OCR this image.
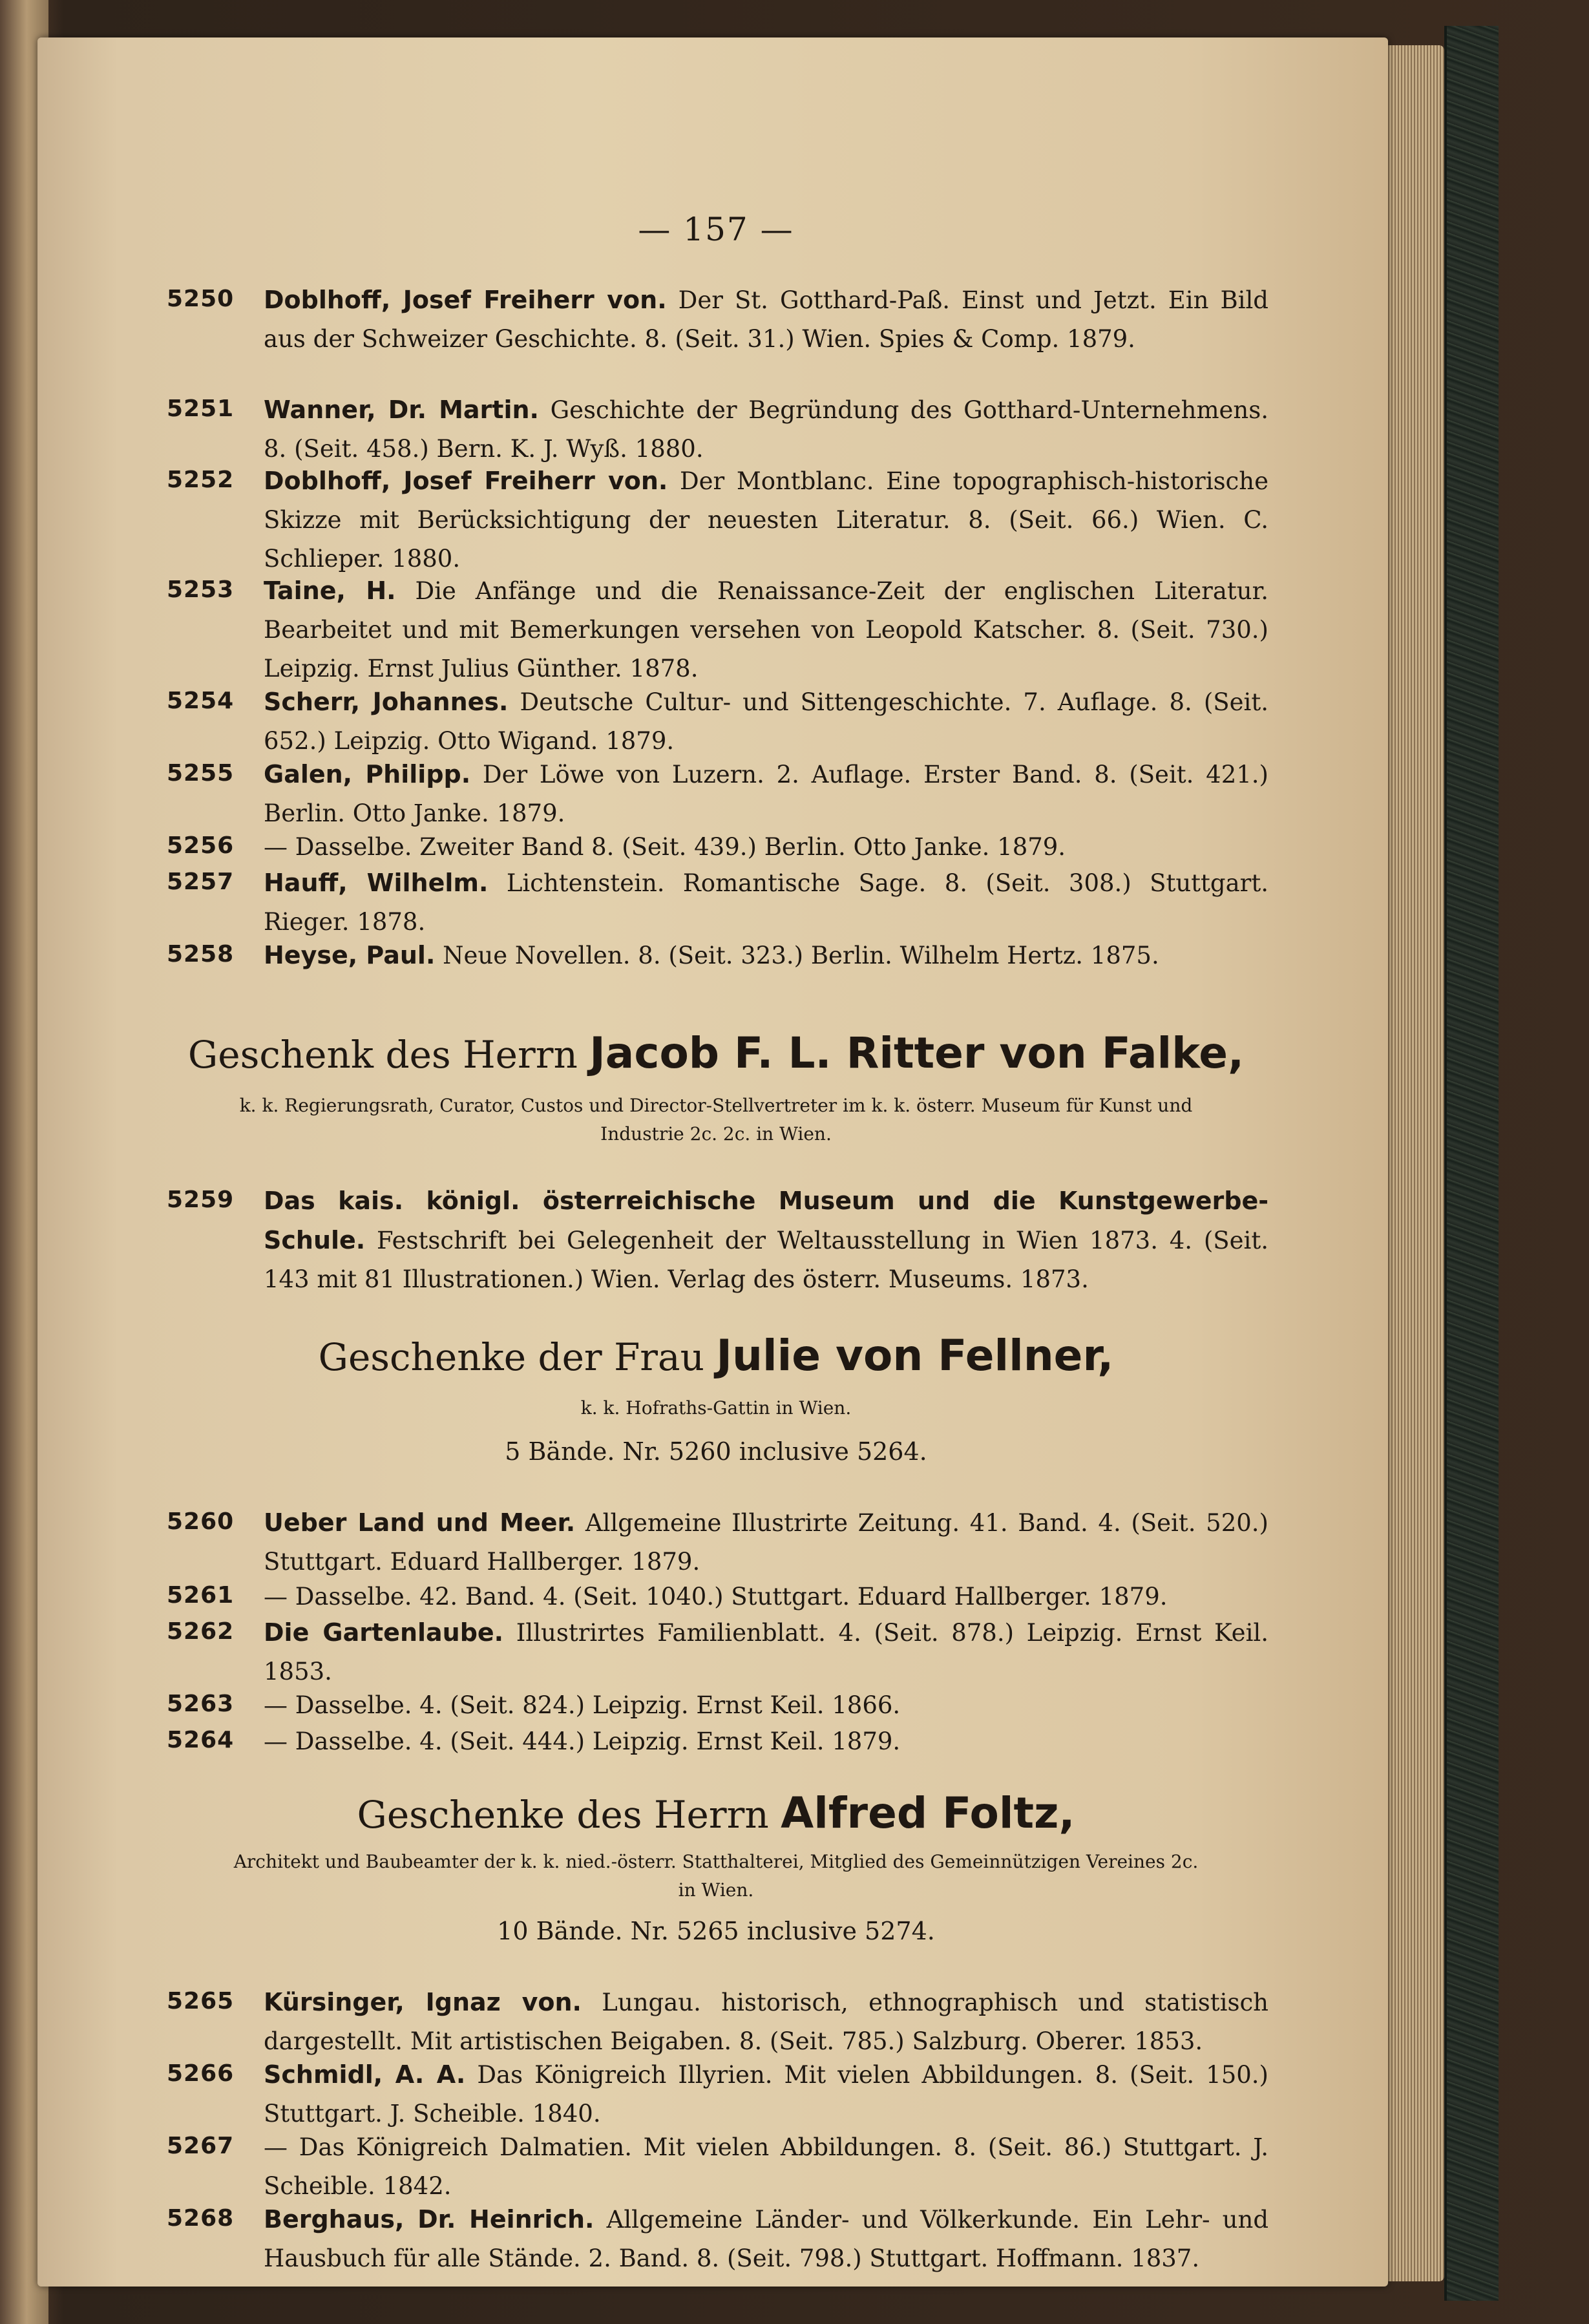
— 157 —
5250	Doblhoff, Josef Freiherr von. Der St. Gotthard-Paß. Einst und Jetzt. Ein Bild aus der Schweizer Geschichte. 8. (Seit. 31.) Wien. Spies & Comp. 1879.
5251	Wanner, Dr. Martin. Geschichte der Begründung des Gotthard-Unternehmens. 8. (Seit. 458.) Bern. K. J. Wyß. 1880.
5252	Doblhoff, Josef Freiherr von. Der Montblanc. Eine topographisch-historische Skizze mit Berücksichtigung der neuesten Literatur. 8. (Seit. 66.) Wien. C. Schlieper. 1880.
5253	Taine, H. Die Anfänge und die Renaissance-Zeit der englischen Literatur. Bearbeitet und mit Bemerkungen versehen von Leopold Katscher. 8. (Seit. 730.) Leipzig. Ernst Julius Günther. 1878.
5254	Scherr, Johannes. Deutsche Cultur- und Sittengeschichte. 7. Auflage. 8. (Seit. 652.) Leipzig. Otto Wigand. 1879.
5255	Galen, Philipp. Der Löwe von Luzern. 2. Auflage. Erster Band. 8. (Seit. 421.) Berlin. Otto Janke. 1879.
5256	— Dasselbe. Zweiter Band 8. (Seit. 439.) Berlin. Otto Janke. 1879.
5257	Hauff, Wilhelm. Lichtenstein. Romantische Sage. 8. (Seit. 308.) Stuttgart. Rieger. 1878.
5258	Heyse, Paul. Neue Novellen. 8. (Seit. 323.) Berlin. Wilhelm Hertz. 1875.
Geschenk des Herrn Jacob F. L. Ritter von Falke,
k. k. Regierungsrath, Curator, Custos und Director-Stellvertreter im k. k. österr. Museum für Kunst und
Industrie 2c. 2c. in Wien.
5259	Das kais. königl. österreichische Museum und die Kunstgewerbe-Schule. Festschrift bei Gelegenheit der Weltausstellung in Wien 1873. 4. (Seit. 143 mit 81 Illustrationen.) Wien. Verlag des österr. Museums. 1873.
Geschenke der Frau Julie von Fellner,
k. k. Hofraths-Gattin in Wien.
5 Bände. Nr. 5260 inclusive 5264.
5260	Ueber Land und Meer. Allgemeine Illustrirte Zeitung. 41. Band. 4. (Seit. 520.) Stuttgart. Eduard Hallberger. 1879.
5261	— Dasselbe. 42. Band. 4. (Seit. 1040.) Stuttgart. Eduard Hallberger. 1879.
5262	Die Gartenlaube. Illustrirtes Familienblatt. 4. (Seit. 878.) Leipzig. Ernst Keil. 1853.
5263	— Dasselbe. 4. (Seit. 824.) Leipzig. Ernst Keil. 1866.
5264	— Dasselbe. 4. (Seit. 444.) Leipzig. Ernst Keil. 1879.
Geschenke des Herrn Alfred Foltz,
Architekt und Baubeamter der k. k. nied.-österr. Statthalterei, Mitglied des Gemeinnützigen Vereines 2c.
in Wien.
10 Bände. Nr. 5265 inclusive 5274.
5265	Kürsinger, Ignaz von. Lungau. historisch, ethnographisch und statistisch dargestellt. Mit artistischen Beigaben. 8. (Seit. 785.) Salzburg. Oberer. 1853.
5266	Schmidl, A. A. Das Königreich Illyrien. Mit vielen Abbildungen. 8. (Seit. 150.) Stuttgart. J. Scheible. 1840.
5267	— Das Königreich Dalmatien. Mit vielen Abbildungen. 8. (Seit. 86.) Stuttgart. J. Scheible. 1842.
5268	Berghaus, Dr. Heinrich. Allgemeine Länder- und Völkerkunde. Ein Lehr- und Hausbuch für alle Stände. 2. Band. 8. (Seit. 798.) Stuttgart. Hoffmann. 1837.
